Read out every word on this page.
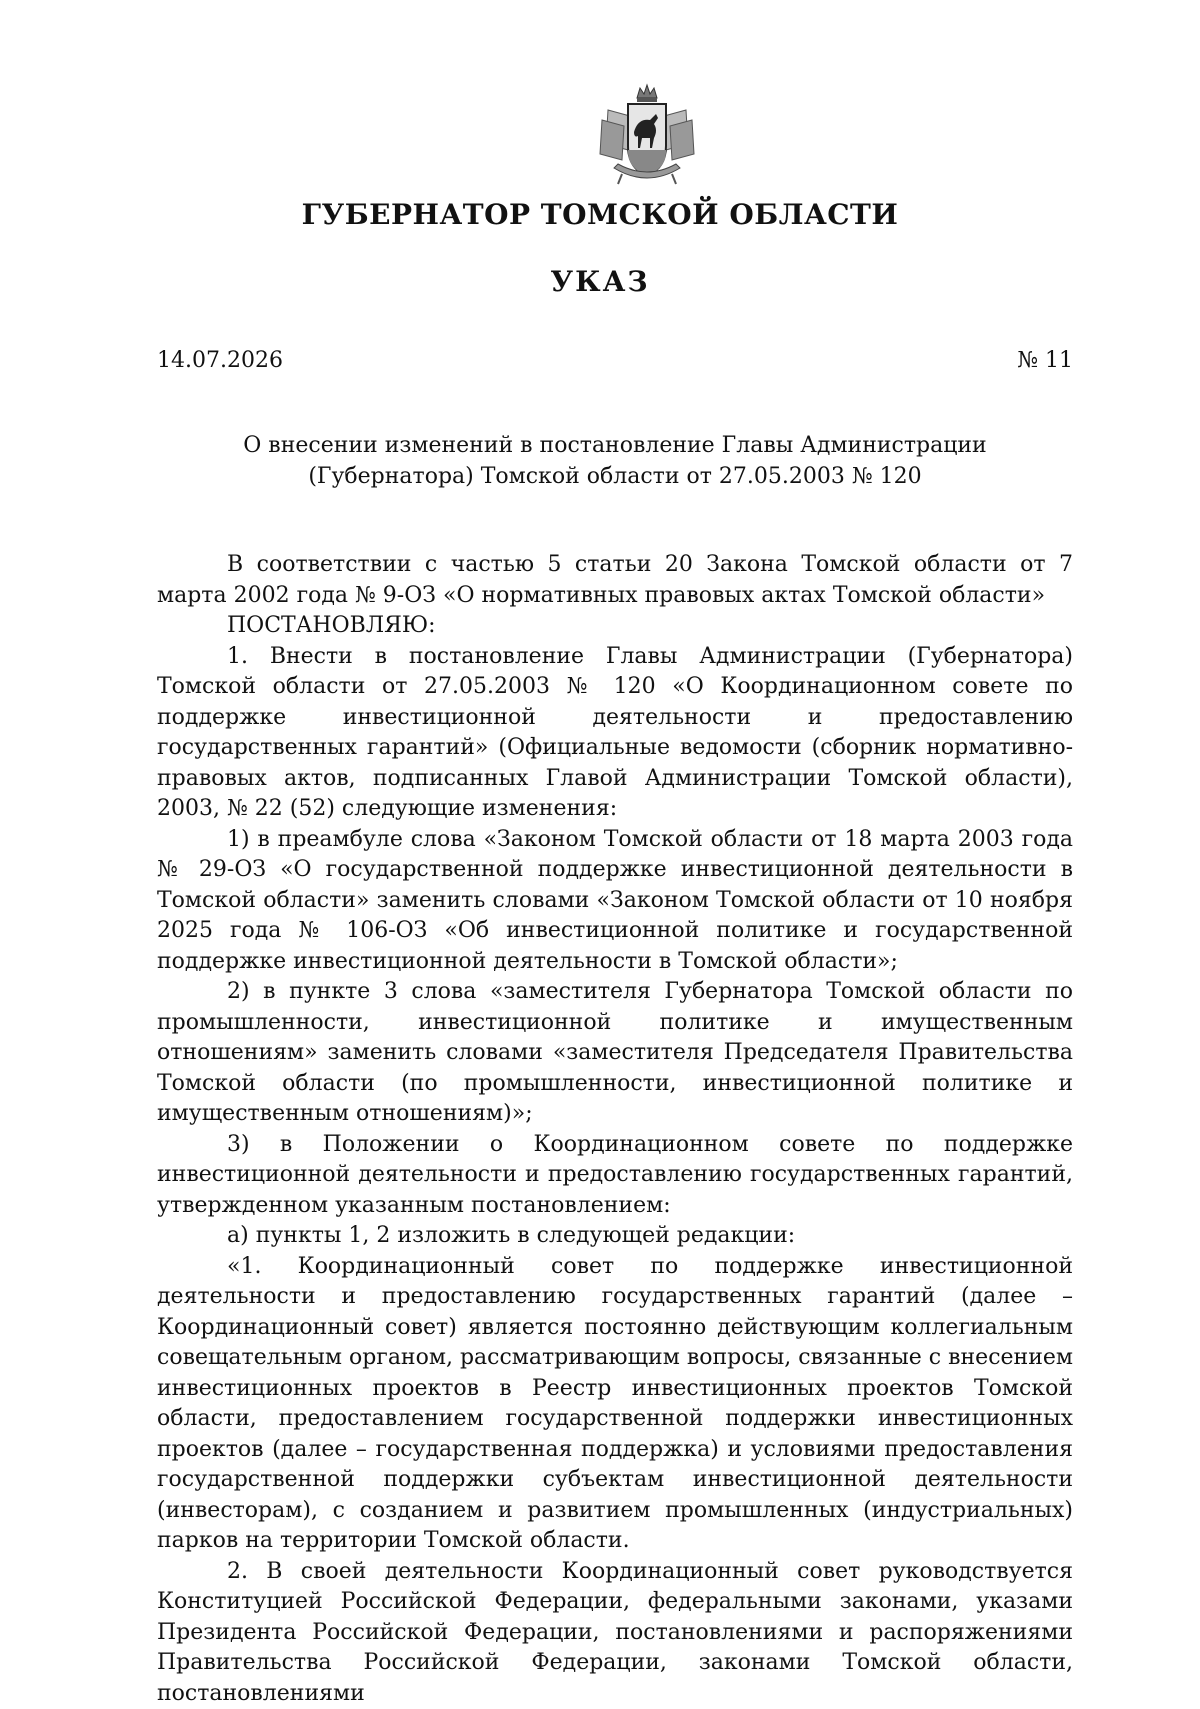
ГУБЕРНАТОР ТОМСКОЙ ОБЛАСТИ
УКАЗ
14.07.2026	№ 11
О внесении изменений в постановление Главы Администрации
(Губернатора) Томской области от 27.05.2003 № 120

В соответствии с частью 5 статьи 20 Закона Томской области от 7 марта 2002 года № 9-ОЗ «О нормативных правовых актах Томской области»

ПОСТАНОВЛЯЮ:

1. Внести в постановление Главы Администрации (Губернатора) Томской области от 27.05.2003 № 120 «О Координационном совете по поддержке инвестиционной деятельности и предоставлению государственных гарантий» (Официальные ведомости (сборник нормативно-правовых актов, подписанных Главой Администрации Томской области), 2003, № 22 (52) следующие изменения:

1) в преамбуле слова «Законом Томской области от 18 марта 2003 года № 29-ОЗ «О государственной поддержке инвестиционной деятельности в Томской области» заменить словами «Законом Томской области от 10 ноября 2025 года № 106-ОЗ «Об инвестиционной политике и государственной поддержке инвестиционной деятельности в Томской области»;

2) в пункте 3 слова «заместителя Губернатора Томской области по промышленности, инвестиционной политике и имущественным отношениям» заменить словами «заместителя Председателя Правительства Томской области (по промышленности, инвестиционной политике и имущественным отношениям)»;

3) в Положении о Координационном совете по поддержке инвестиционной деятельности и предоставлению государственных гарантий, утвержденном указанным постановлением:

а) пункты 1, 2 изложить в следующей редакции:

«1. Координационный совет по поддержке инвестиционной деятельности и предоставлению государственных гарантий (далее – Координационный совет) является постоянно действующим коллегиальным совещательным органом, рассматривающим вопросы, связанные с внесением инвестиционных проектов в Реестр инвестиционных проектов Томской области, предоставлением государственной поддержки инвестиционных проектов (далее – государственная поддержка) и условиями предоставления государственной поддержки субъектам инвестиционной деятельности (инвесторам), с созданием и развитием промышленных (индустриальных) парков на территории Томской области.

2. В своей деятельности Координационный совет руководствуется Конституцией Российской Федерации, федеральными законами, указами Президента Российской Федерации, постановлениями и распоряжениями Правительства Российской Федерации, законами Томской области, постановлениями
